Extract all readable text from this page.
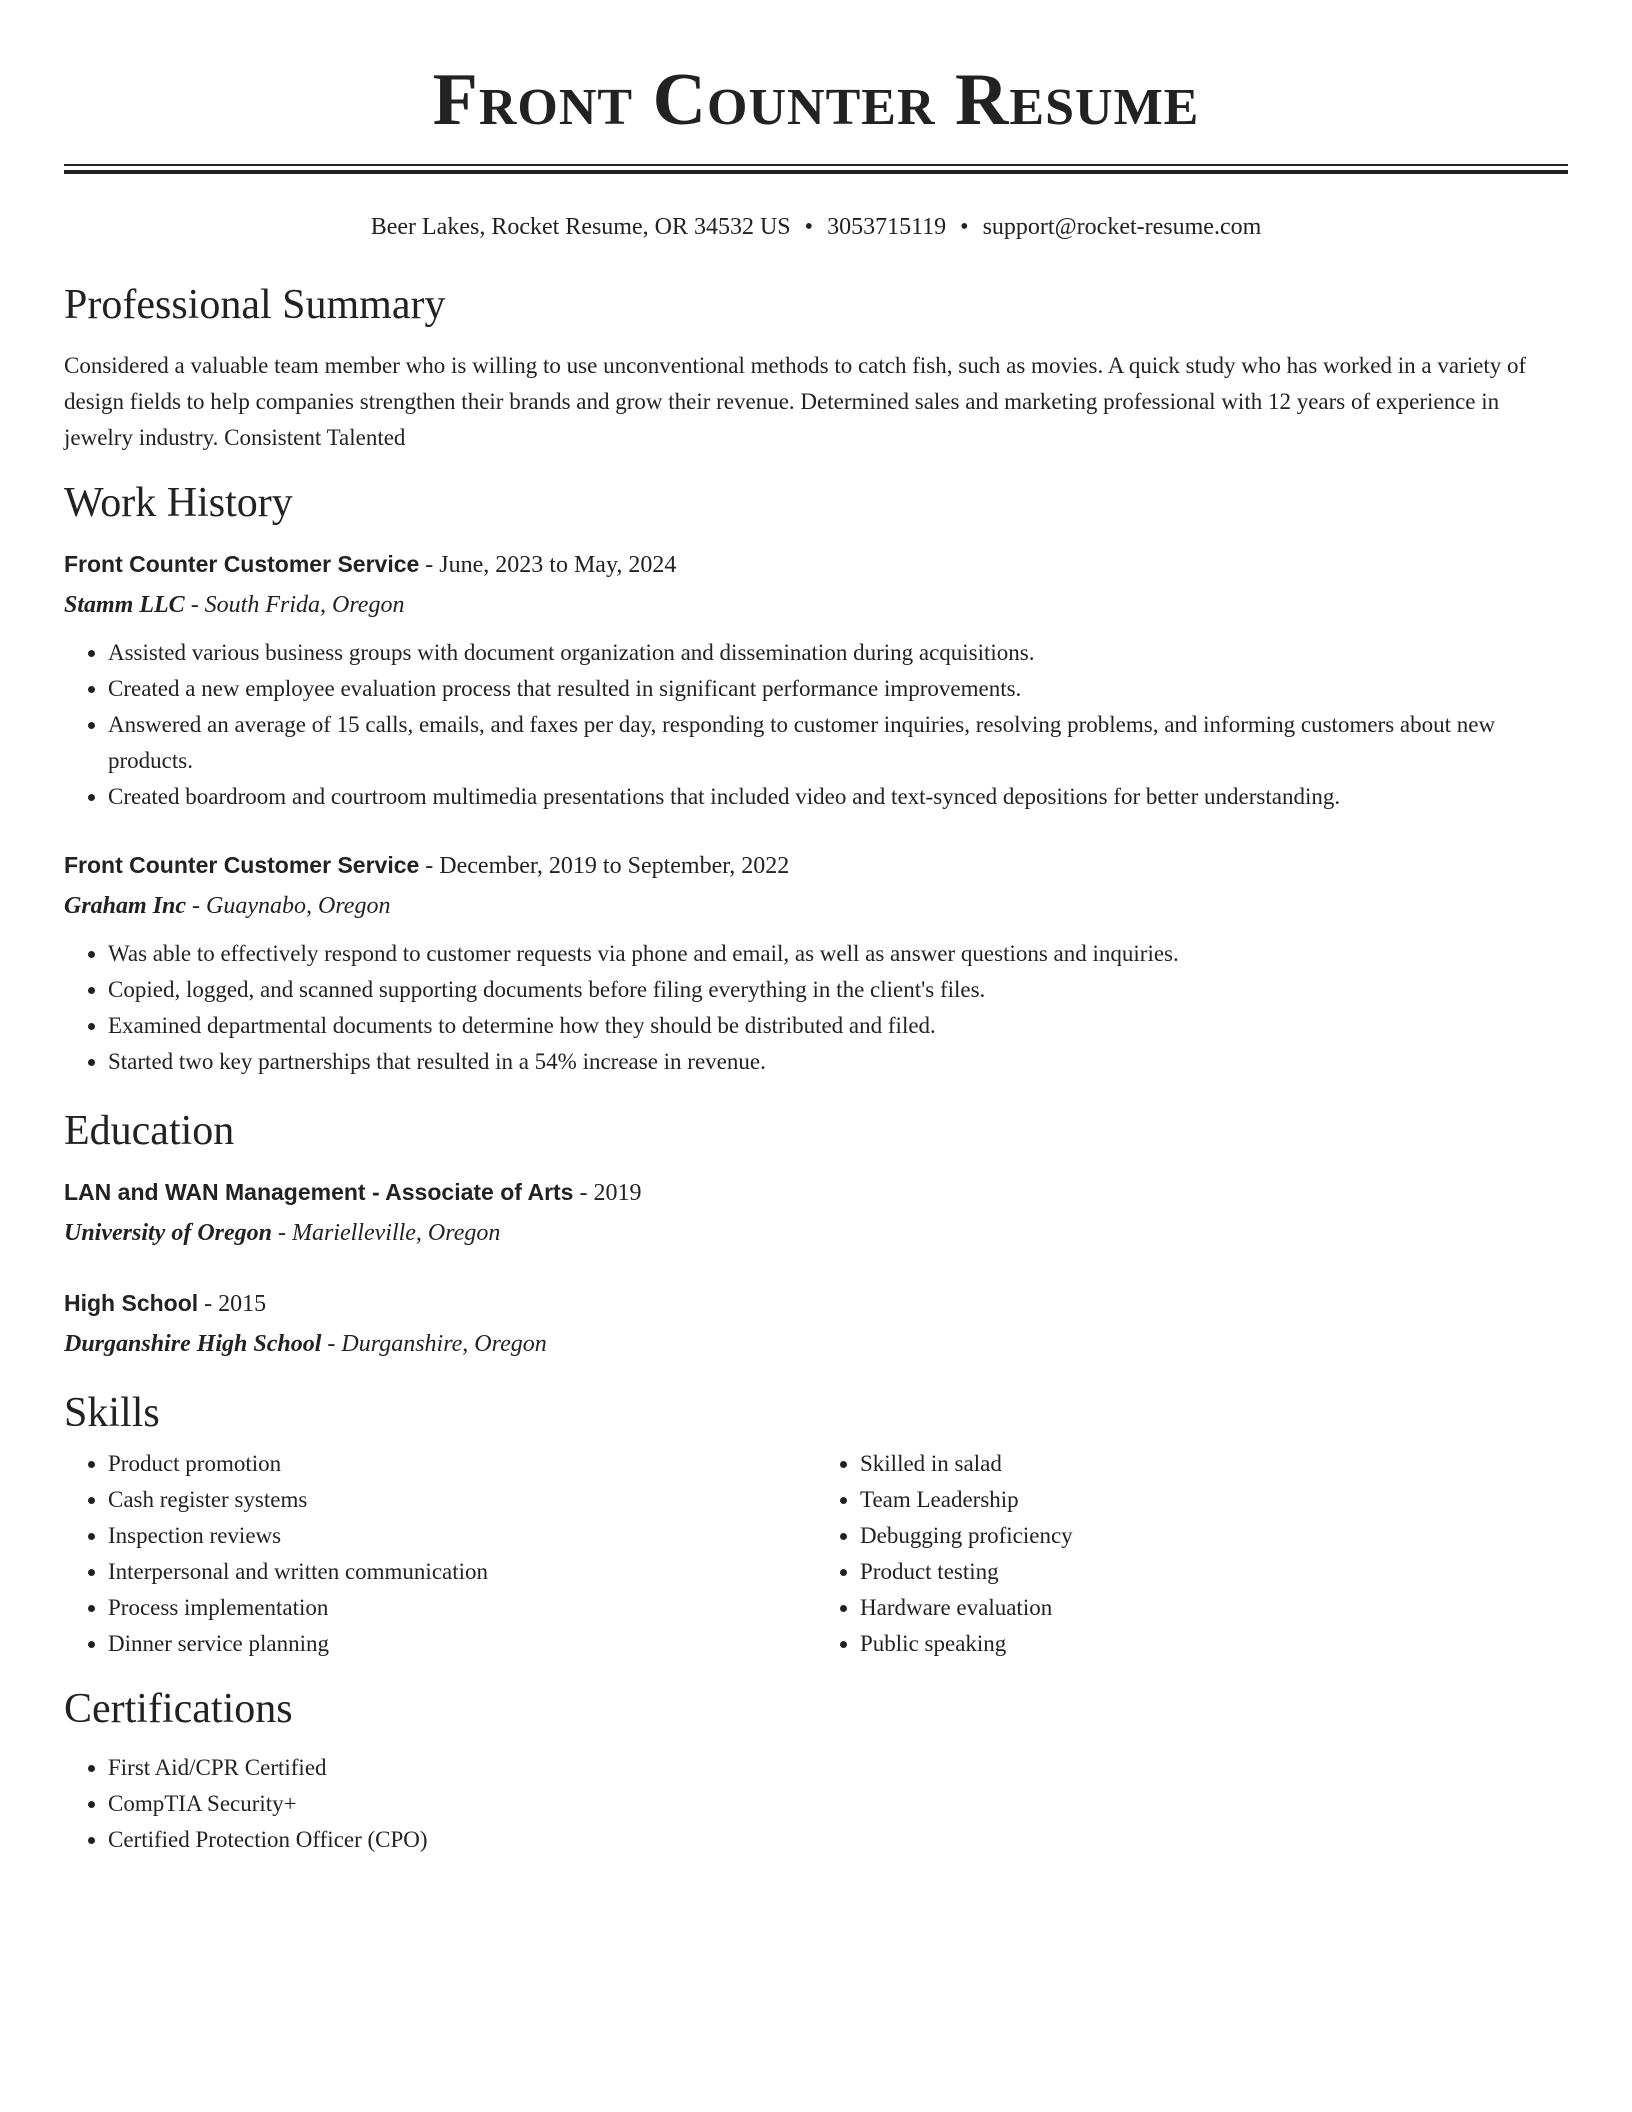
Front Counter Resume
Beer Lakes, Rocket Resume, OR 34532 US • 3053715119 • support@rocket-resume.com
Professional Summary
Considered a valuable team member who is willing to use unconventional methods to catch fish, such as movies. A quick study who has worked in a variety of design fields to help companies strengthen their brands and grow their revenue. Determined sales and marketing professional with 12 years of experience in jewelry industry. Consistent Talented
Work History
Front Counter Customer Service - June, 2023 to May, 2024
Stamm LLC - South Frida, Oregon
• Assisted various business groups with document organization and dissemination during acquisitions.
• Created a new employee evaluation process that resulted in significant performance improvements.
• Answered an average of 15 calls, emails, and faxes per day, responding to customer inquiries, resolving problems, and informing customers about new products.
• Created boardroom and courtroom multimedia presentations that included video and text-synced depositions for better understanding.
Front Counter Customer Service - December, 2019 to September, 2022
Graham Inc - Guaynabo, Oregon
• Was able to effectively respond to customer requests via phone and email, as well as answer questions and inquiries.
• Copied, logged, and scanned supporting documents before filing everything in the client's files.
• Examined departmental documents to determine how they should be distributed and filed.
• Started two key partnerships that resulted in a 54% increase in revenue.
Education
LAN and WAN Management - Associate of Arts - 2019
University of Oregon - Marielleville, Oregon
High School - 2015
Durganshire High School - Durganshire, Oregon
Skills
• Product promotion
• Cash register systems
• Inspection reviews
• Interpersonal and written communication
• Process implementation
• Dinner service planning
• Skilled in salad
• Team Leadership
• Debugging proficiency
• Product testing
• Hardware evaluation
• Public speaking
Certifications
• First Aid/CPR Certified
• CompTIA Security+
• Certified Protection Officer (CPO)
